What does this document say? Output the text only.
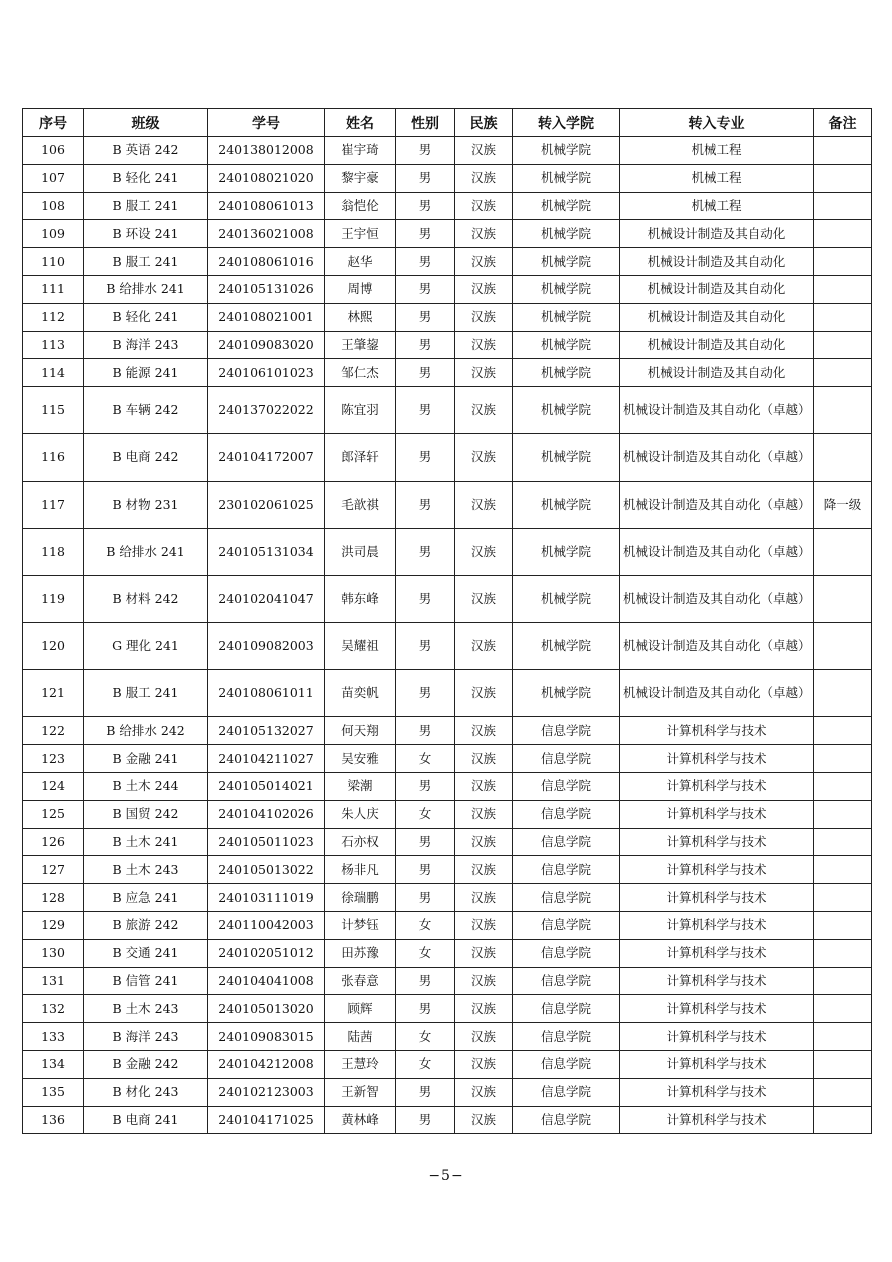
序号	班级	学号	姓名	性别	民族	转入学院	转入专业	备注
106	B 英语 242	240138012008	崔宇琦	男	汉族	机械学院	机械工程	
107	B 轻化 241	240108021020	黎宇豪	男	汉族	机械学院	机械工程	
108	B 服工 241	240108061013	翁恺伦	男	汉族	机械学院	机械工程	
109	B 环设 241	240136021008	王宇恒	男	汉族	机械学院	机械设计制造及其自动化	
110	B 服工 241	240108061016	赵华	男	汉族	机械学院	机械设计制造及其自动化	
111	B 给排水 241	240105131026	周博	男	汉族	机械学院	机械设计制造及其自动化	
112	B 轻化 241	240108021001	林熙	男	汉族	机械学院	机械设计制造及其自动化	
113	B 海洋 243	240109083020	王肇鋆	男	汉族	机械学院	机械设计制造及其自动化	
114	B 能源 241	240106101023	邹仁杰	男	汉族	机械学院	机械设计制造及其自动化	
115	B 车辆 242	240137022022	陈宜羽	男	汉族	机械学院	机械设计制造及其自动化（卓越）	
116	B 电商 242	240104172007	郎泽轩	男	汉族	机械学院	机械设计制造及其自动化（卓越）	
117	B 材物 231	230102061025	毛歆祺	男	汉族	机械学院	机械设计制造及其自动化（卓越）	降一级
118	B 给排水 241	240105131034	洪司晨	男	汉族	机械学院	机械设计制造及其自动化（卓越）	
119	B 材料 242	240102041047	韩东峰	男	汉族	机械学院	机械设计制造及其自动化（卓越）	
120	G 理化 241	240109082003	吴耀祖	男	汉族	机械学院	机械设计制造及其自动化（卓越）	
121	B 服工 241	240108061011	苗奕帆	男	汉族	机械学院	机械设计制造及其自动化（卓越）	
122	B 给排水 242	240105132027	何天翔	男	汉族	信息学院	计算机科学与技术	
123	B 金融 241	240104211027	吴安雅	女	汉族	信息学院	计算机科学与技术	
124	B 土木 244	240105014021	梁潮	男	汉族	信息学院	计算机科学与技术	
125	B 国贸 242	240104102026	朱人庆	女	汉族	信息学院	计算机科学与技术	
126	B 土木 241	240105011023	石亦权	男	汉族	信息学院	计算机科学与技术	
127	B 土木 243	240105013022	杨非凡	男	汉族	信息学院	计算机科学与技术	
128	B 应急 241	240103111019	徐瑞鹏	男	汉族	信息学院	计算机科学与技术	
129	B 旅游 242	240110042003	计梦钰	女	汉族	信息学院	计算机科学与技术	
130	B 交通 241	240102051012	田苏豫	女	汉族	信息学院	计算机科学与技术	
131	B 信管 241	240104041008	张春意	男	汉族	信息学院	计算机科学与技术	
132	B 土木 243	240105013020	顾辉	男	汉族	信息学院	计算机科学与技术	
133	B 海洋 243	240109083015	陆茜	女	汉族	信息学院	计算机科学与技术	
134	B 金融 242	240104212008	王慧玲	女	汉族	信息学院	计算机科学与技术	
135	B 材化 243	240102123003	王新智	男	汉族	信息学院	计算机科学与技术	
136	B 电商 241	240104171025	黄林峰	男	汉族	信息学院	计算机科学与技术	
−5−
